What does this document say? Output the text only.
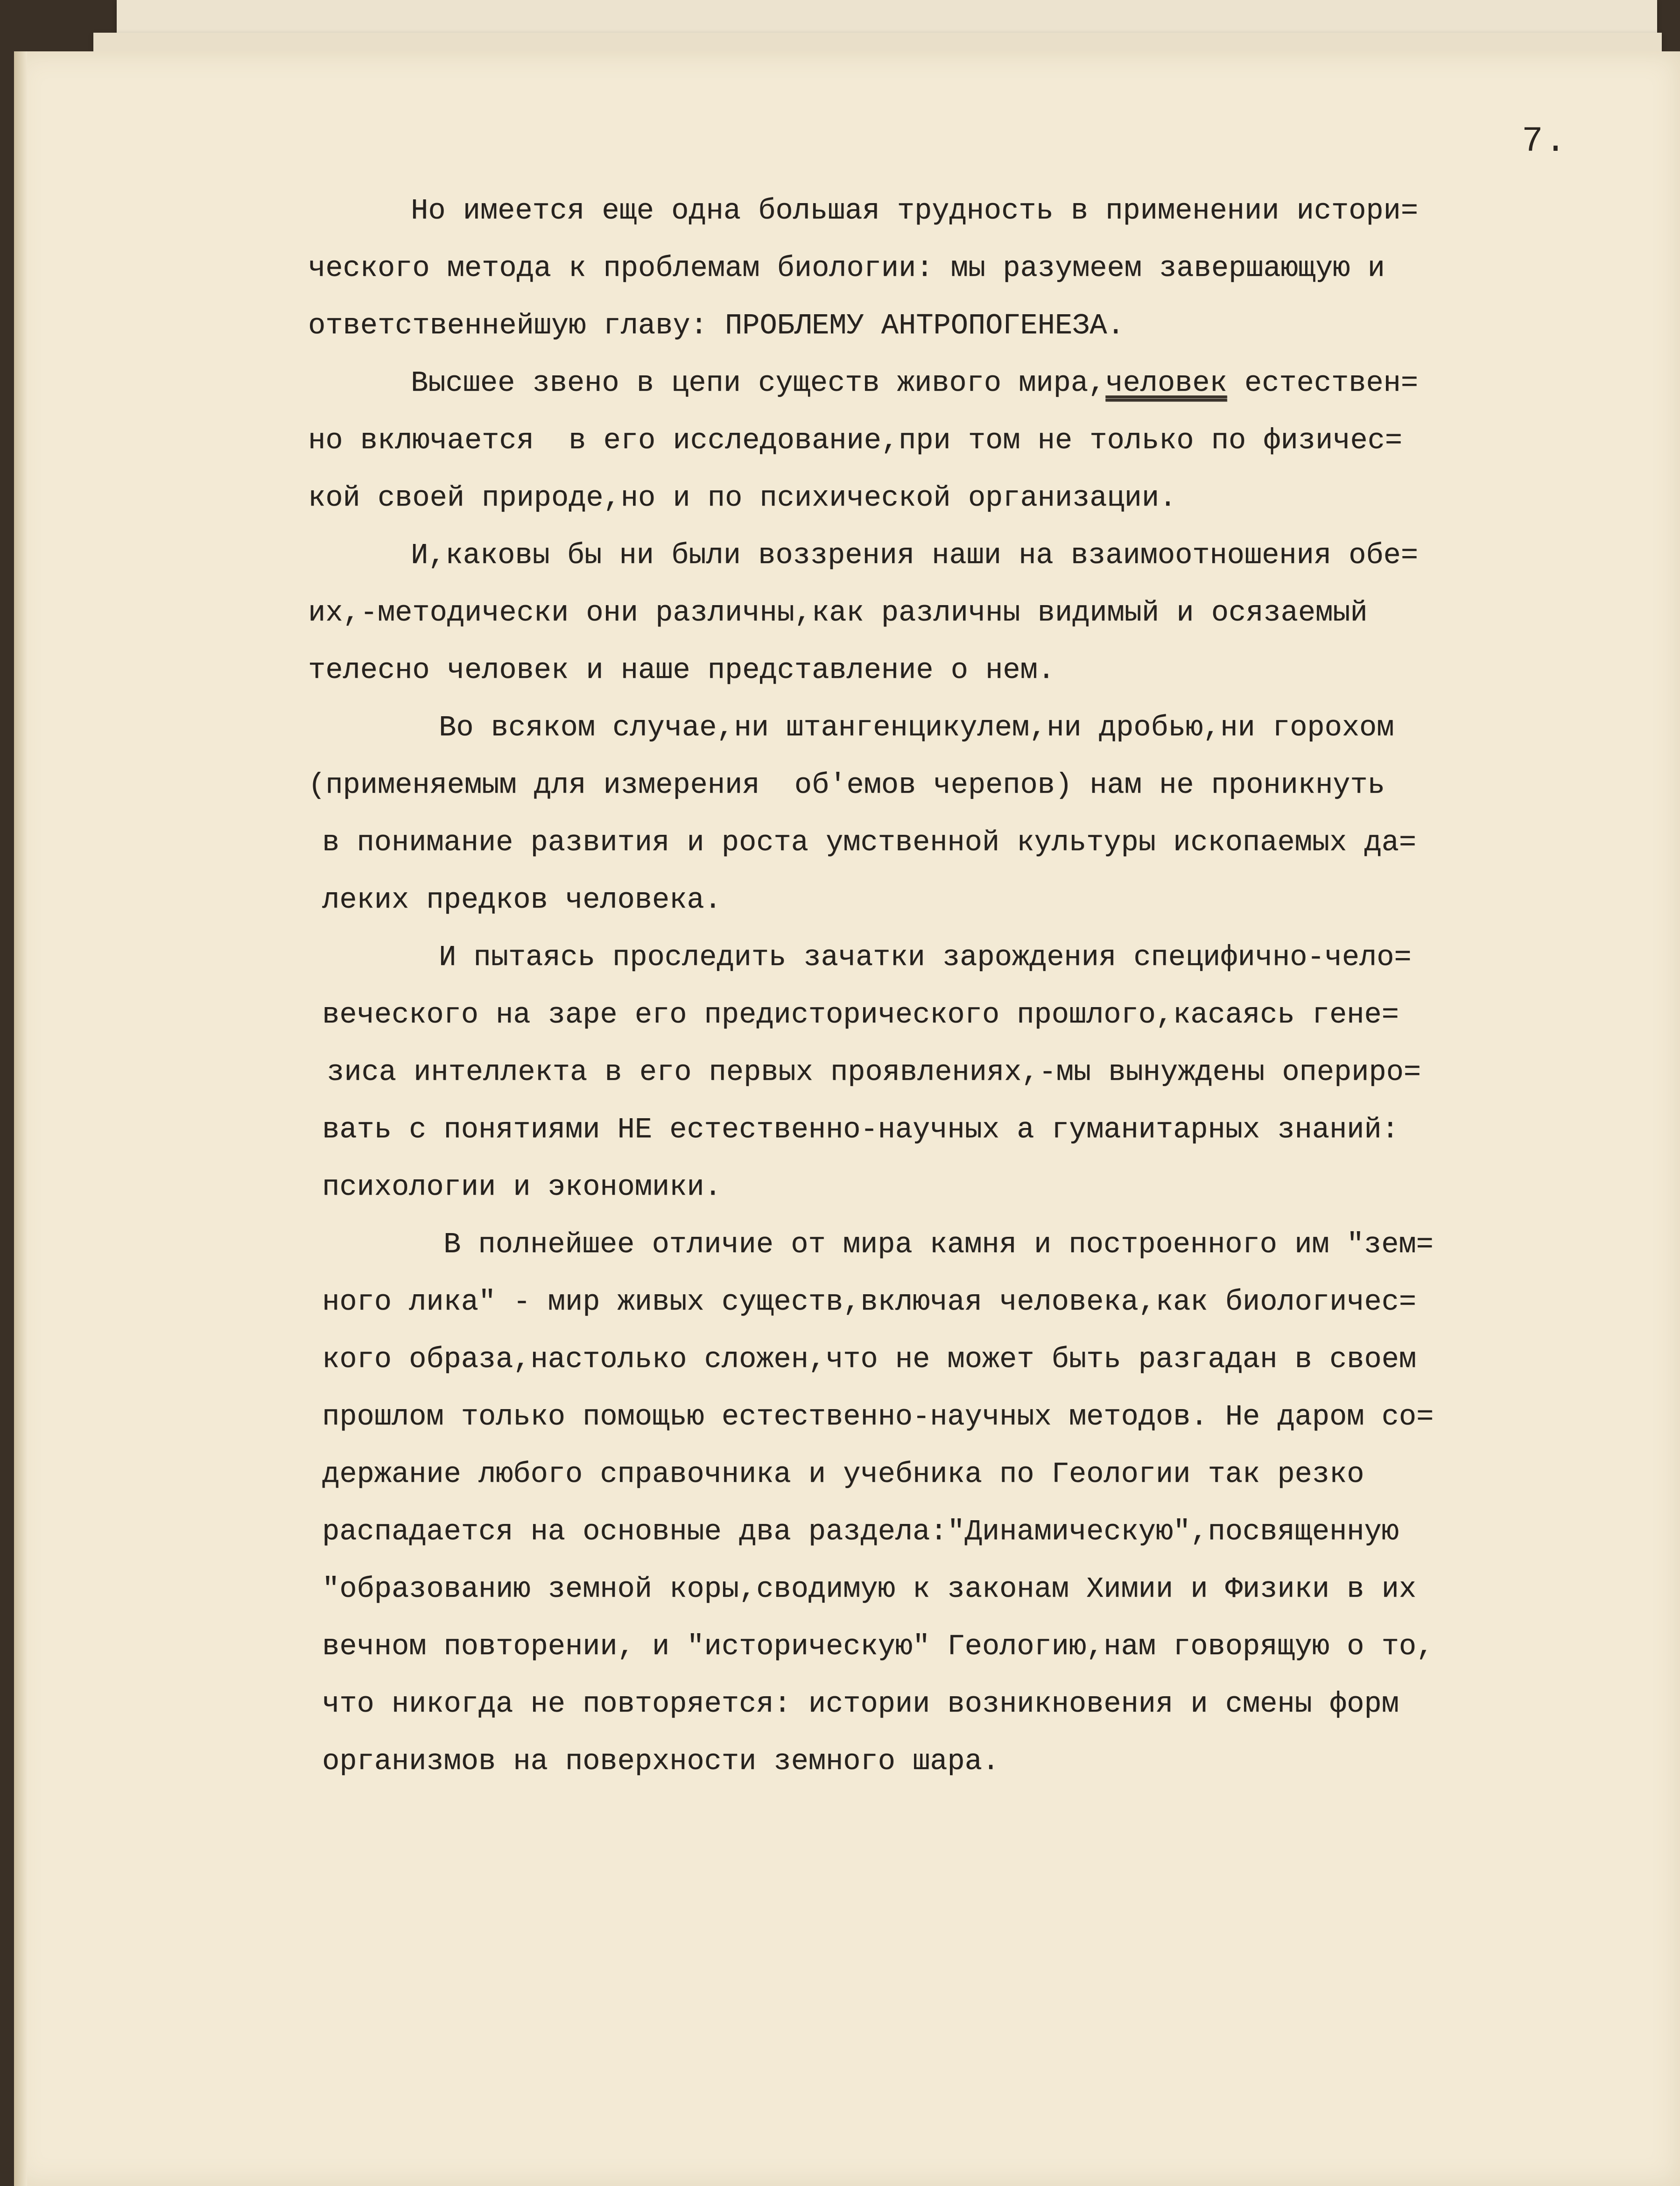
7.
Но имеется еще одна большая трудность в применении истори=
ческого метода к проблемам биологии: мы разумеем завершающую и
ответственнейшую главу: ПРОБЛЕМУ АНТРОПОГЕНЕЗА.
Высшее звено в цепи существ живого мира,человек естествен=
но включается  в его исследование,при том не только по физичес=
кой своей природе,но и по психической организации.
И,каковы бы ни были воззрения наши на взаимоотношения обе=
их,-методически они различны,как различны видимый и осязаемый
телесно человек и наше представление о нем.
Во всяком случае,ни штангенцикулем,ни дробью,ни горохом
(применяемым для измерения  об'емов черепов) нам не проникнуть
в понимание развития и роста умственной культуры ископаемых да=
леких предков человека.
И пытаясь проследить зачатки зарождения специфично-чело=
веческого на заре его предисторического прошлого,касаясь гене=
зиса интеллекта в его первых проявлениях,-мы вынуждены опериро=
вать с понятиями НЕ естественно-научных а гуманитарных знаний:
психологии и экономики.
В полнейшее отличие от мира камня и построенного им "зем=
ного лика" - мир живых существ,включая человека,как биологичес=
кого образа,настолько сложен,что не может быть разгадан в своем
прошлом только помощью естественно-научных методов. Не даром со=
держание любого справочника и учебника по Геологии так резко
распадается на основные два раздела:"Динамическую",посвященную
"образованию земной коры,сводимую к законам Химии и Физики в их
вечном повторении, и "историческую" Геологию,нам говорящую о то,
что никогда не повторяется: истории возникновения и смены форм
организмов на поверхности земного шара.
